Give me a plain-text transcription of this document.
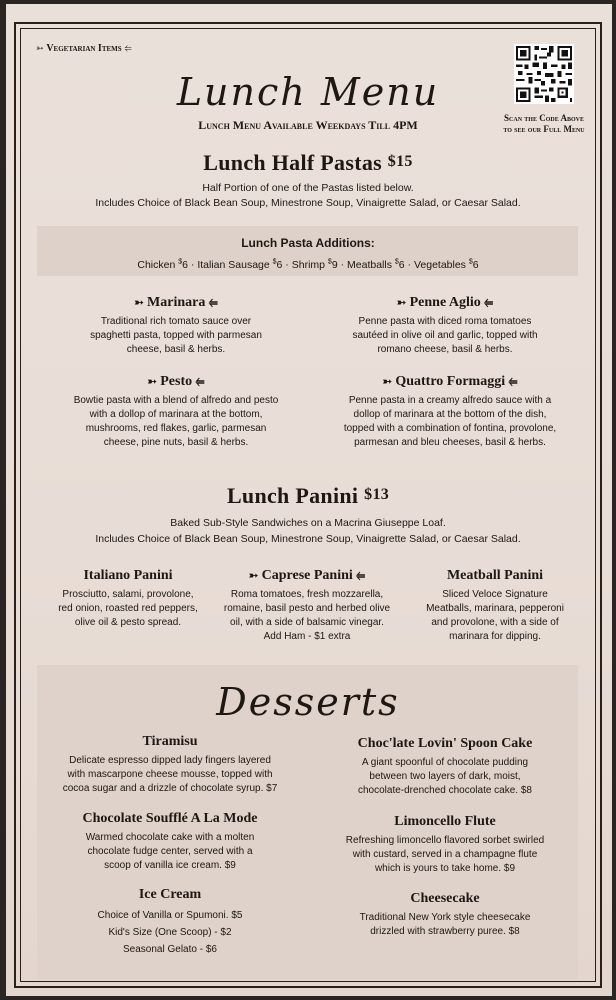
➳ Vegetarian Items ⥢
Lunch Menu
Lunch Menu Available Weekdays Till 4PM	Scan the Code Above
to see our Full Menu
Lunch Half Pastas $15
Half Portion of one of the Pastas listed below.
Includes Choice of Black Bean Soup, Minestrone Soup, Vinaigrette Salad, or Caesar Salad.
Lunch Pasta Additions:
Chicken $6 · Italian Sausage $6 · Shrimp $9 · Meatballs $6 · Vegetables $6
➳ Marinara ⥢
Traditional rich tomato sauce over
spaghetti pasta, topped with parmesan
cheese, basil & herbs.
➳ Penne Aglio ⥢
Penne pasta with diced roma tomatoes
sautéed in olive oil and garlic, topped with
romano cheese, basil & herbs.
➳ Pesto ⥢
Bowtie pasta with a blend of alfredo and pesto
with a dollop of marinara at the bottom,
mushrooms, red flakes, garlic, parmesan
cheese, pine nuts, basil & herbs.
➳ Quattro Formaggi ⥢
Penne pasta in a creamy alfredo sauce with a
dollop of marinara at the bottom of the dish,
topped with a combination of fontina, provolone,
parmesan and bleu cheeses, basil & herbs.
Lunch Panini $13
Baked Sub-Style Sandwiches on a Macrina Giuseppe Loaf.
Includes Choice of Black Bean Soup, Minestrone Soup, Vinaigrette Salad, or Caesar Salad.
Italiano Panini
Prosciutto, salami, provolone,
red onion, roasted red peppers,
olive oil & pesto spread.
➳ Caprese Panini ⥢
Roma tomatoes, fresh mozzarella,
romaine, basil pesto and herbed olive
oil, with a side of balsamic vinegar.
Add Ham - $1 extra
Meatball Panini
Sliced Veloce Signature
Meatballs, marinara, pepperoni
and provolone, with a side of
marinara for dipping.
Desserts
Tiramisu
Delicate espresso dipped lady fingers layered
with mascarpone cheese mousse, topped with
cocoa sugar and a drizzle of chocolate syrup. $7
Choc'late Lovin' Spoon Cake
A giant spoonful of chocolate pudding
between two layers of dark, moist,
chocolate-drenched chocolate cake. $8
Chocolate Soufflé A La Mode
Warmed chocolate cake with a molten
chocolate fudge center, served with a
scoop of vanilla ice cream. $9
Limoncello Flute
Refreshing limoncello flavored sorbet swirled
with custard, served in a champagne flute
which is yours to take home. $9
Ice Cream
Choice of Vanilla or Spumoni. $5
Kid's Size (One Scoop) - $2
Seasonal Gelato - $6
Cheesecake
Traditional New York style cheesecake
drizzled with strawberry puree. $8
